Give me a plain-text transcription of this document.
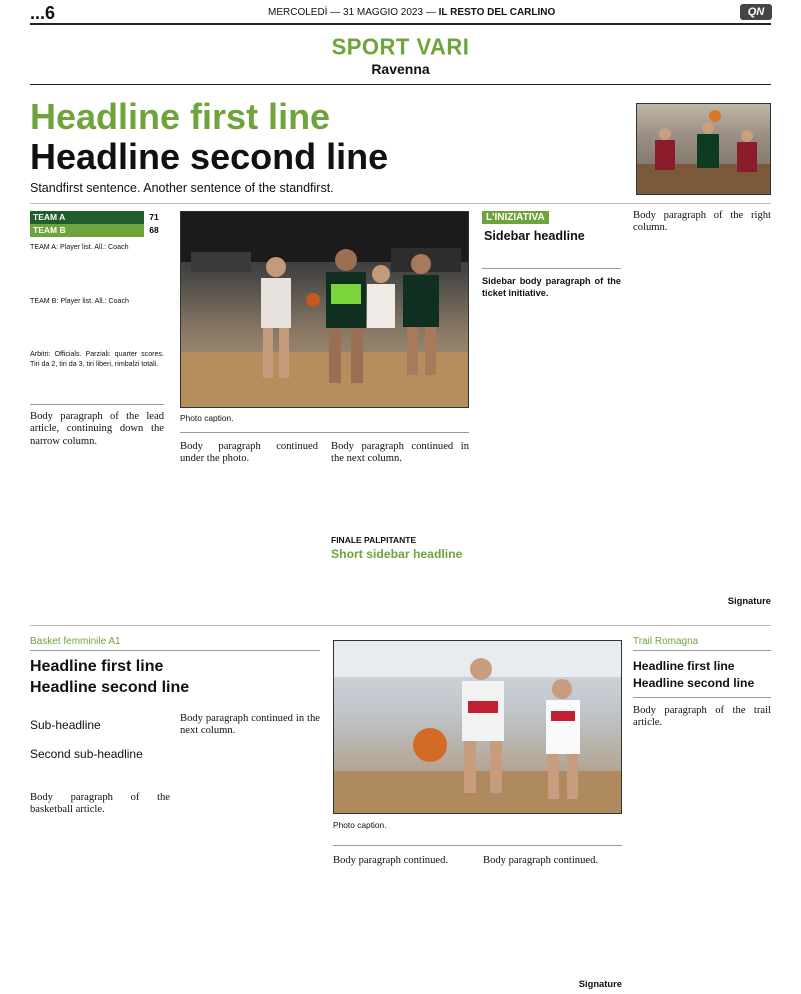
...6	MERCOLEDÌ — 31 MAGGIO 2023 — IL RESTO DEL CARLINO	QN
SPORT VARI
Ravenna
Headline first line
Headline second line
Standfirst sentence. Another sentence of the standfirst.
TEAM A	71
TEAM B	68
TEAM A: Player list. All.: Coach
TEAM B: Player list. All.: Coach
Arbitri: Officials. Parziali: quarter scores. Tiri da 2, tiri da 3, tiri liberi, rimbalzi totali.
Body paragraph of the lead article, continuing down the narrow column.
Photo caption.
Body paragraph continued under the photo.
Body paragraph continued in the next column.
FINALE PALPITANTE
Short sidebar headline
L'INIZIATIVA
Sidebar headline
Sidebar body paragraph of the ticket initiative.
Body paragraph of the right column.
Signature
Basket femminile A1
Headline first line
Headline second line
Sub-headline
Second sub-headline
Body paragraph of the basketball article.
Body paragraph continued in the next column.
Photo caption.
Body paragraph continued.	Body paragraph continued.
Signature
Trail Romagna
Headline first line
Headline second line
Body paragraph of the trail article.
